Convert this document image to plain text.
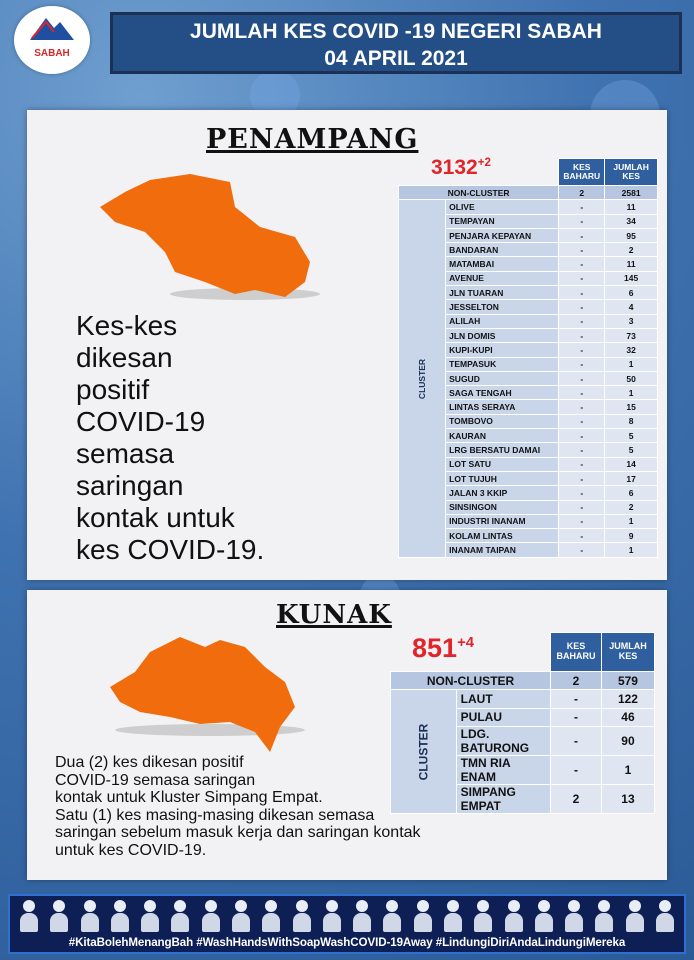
SABAH
JUMLAH KES COVID -19 NEGERI SABAH
04 APRIL 2021
PENAMPANG
$3132^{+2}$
Kes-kes
dikesan
positif
COVID-19
semasa
saringan
kontak untuk
kes COVID-19.
		KES BAHARU	JUMLAH KES
NON-CLUSTER		2	2581
CLUSTER	OLIVE	-	11
	TEMPAYAN	-	34
	PENJARA KEPAYAN	-	95
	BANDARAN	-	2
	MATAMBAI	-	11
	AVENUE	-	145
	JLN TUARAN	-	6
	JESSELTON	-	4
	ALILAH	-	3
	JLN DOMIS	-	73
	KUPI-KUPI	-	32
	TEMPASUK	-	1
	SUGUD	-	50
	SAGA TENGAH	-	1
	LINTAS SERAYA	-	15
	TOMBOVO	-	8
	KAURAN	-	5
	LRG BERSATU DAMAI	-	5
	LOT SATU	-	14
	LOT TUJUH	-	17
	JALAN 3 KKIP	-	6
	SINSINGON	-	2
	INDUSTRI INANAM	-	1
	KOLAM LINTAS	-	9
	INANAM TAIPAN	-	1
KUNAK
$851^{+4}$
			KES BAHARU	JUMLAH KES
NON-CLUSTER		2	579
CLUSTER	LAUT	-	122
	PULAU	-	46
	LDG. BATURONG	-	90
	TMN RIA ENAM	-	1
	SIMPANG EMPAT	2	13
Dua (2) kes dikesan positif
COVID-19 semasa saringan
kontak untuk Kluster Simpang Empat.
Satu (1) kes masing-masing dikesan semasa
saringan sebelum masuk kerja dan saringan kontak
untuk kes COVID-19.
#KitaBolehMenangBah #WashHandsWithSoapWashCOVID-19Away #LindungiDiriAndaLindungiMereka
